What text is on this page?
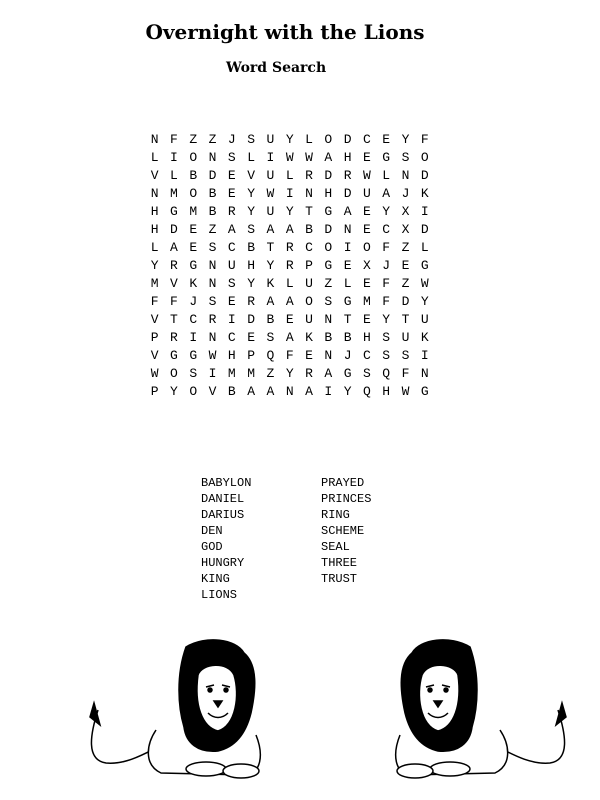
Overnight with the Lions
Word Search
N F Z Z J S U Y L O D C E Y F
L I O N S L I W W A H E G S O
V L B D E V U L R D R W L N D
N M O B E Y W I N H D U A J K
H G M B R Y U Y T G A E Y X I
H D E Z A S A A B D N E C X D
L A E S C B T R C O I O F Z L
Y R G N U H Y R P G E X J E G
M V K N S Y K L U Z L E F Z W
F F J S E R A A O S G M F D Y
V T C R I D B E U N T E Y T U
P R I N C E S A K B B H S U K
V G G W H P Q F E N J C S S I
W O S I M M Z Y R A G S Q F N
P Y O V B A A N A I Y Q H W G
BABYLON
DANIEL
DARIUS
DEN
GOD
HUNGRY
KING
LIONS
PRAYED
PRINCES
RING
SCHEME
SEAL
THREE
TRUST
